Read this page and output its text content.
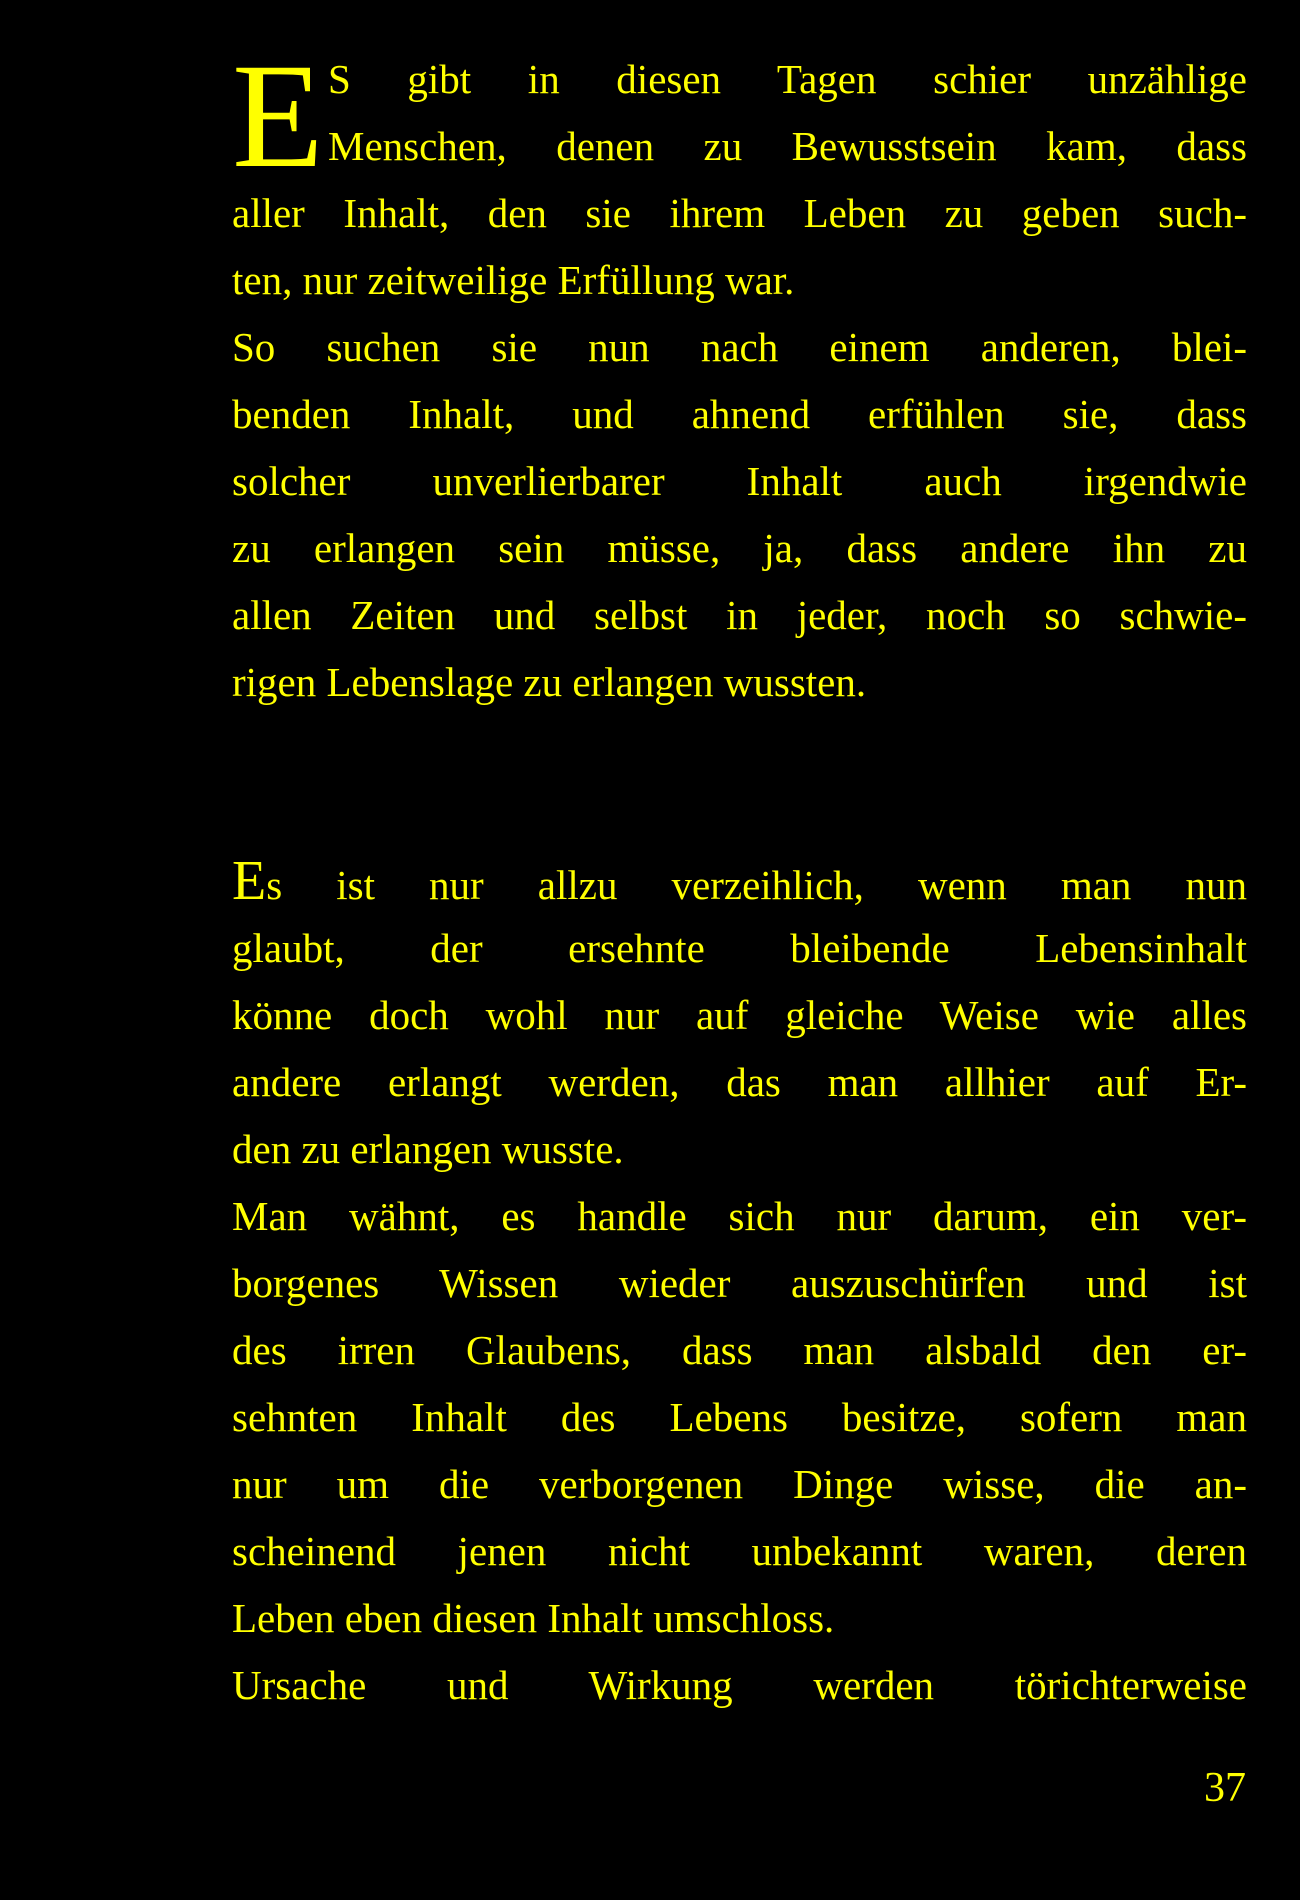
E S gibt in diesen Tagen schier unzählige
Menschen, denen zu Bewusstsein kam, dass
aller Inhalt, den sie ihrem Leben zu geben such-
ten, nur zeitweilige Erfüllung war.
So suchen sie nun nach einem anderen, blei-
benden Inhalt, und ahnend erfühlen sie, dass
solcher unverlierbarer Inhalt auch irgendwie
zu erlangen sein müsse, ja, dass andere ihn zu
allen Zeiten und selbst in jeder, noch so schwie-
rigen Lebenslage zu erlangen wussten.
Es ist nur allzu verzeihlich, wenn man nun
glaubt, der ersehnte bleibende Lebensinhalt
könne doch wohl nur auf gleiche Weise wie alles
andere erlangt werden, das man allhier auf Er-
den zu erlangen wusste.
Man wähnt, es handle sich nur darum, ein ver-
borgenes Wissen wieder auszuschürfen und ist
des irren Glaubens, dass man alsbald den er-
sehnten Inhalt des Lebens besitze, sofern man
nur um die verborgenen Dinge wisse, die an-
scheinend jenen nicht unbekannt waren, deren
Leben eben diesen Inhalt umschloss.
Ursache und Wirkung werden törichterweise
37
